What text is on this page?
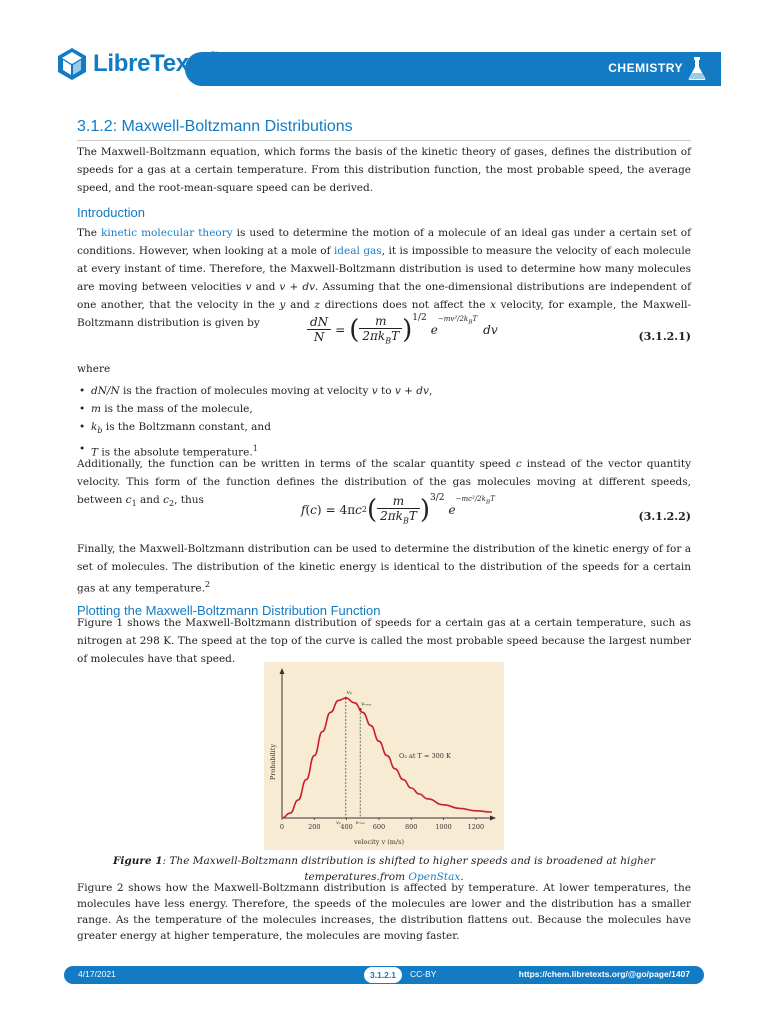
LibreTexts™
CHEMISTRY
3.1.2: Maxwell-Boltzmann Distributions

The Maxwell-Boltzmann equation, which forms the basis of the kinetic theory of gases, defines the distribution of speeds for a gas at a certain temperature. From this distribution function, the most probable speed, the average speed, and the root-mean-square speed can be derived.

Introduction

The kinetic molecular theory is used to determine the motion of a molecule of an ideal gas under a certain set of conditions. However, when looking at a mole of ideal gas, it is impossible to measure the velocity of each molecule at every instant of time. Therefore, the Maxwell-Boltzmann distribution is used to determine how many molecules are moving between velocities v and v + dv. Assuming that the one-dimensional distributions are independent of one another, that the velocity in the y and z directions does not affect the x velocity, for example, the Maxwell-Boltzmann distribution is given by	$\frac{dN}{N}$ = ( $\frac{m}{2\pi k_BT} )^{1/2}$
e
$^{-mv^2/2k_BT}$
dv	(3.1.2.1)

where

• dN/N is the fraction of molecules moving at velocity v to v + dv,
• m is the mass of the molecule,
• $k_b$ is the Boltzmann constant, and
• T is the absolute temperature.$^1$

Additionally, the function can be written in terms of the scalar quantity speed c instead of the vector quantity velocity. This form of the function defines the distribution of the gas molecules moving at different speeds, between $c_1$ and $c_2$, thus

f ( c ) = 4π c 2 ( $\frac{m}{2\pi k_BT} )^{3/2}$
e
$^{-mc^2/2k_BT}$
(3.1.2.2)

Finally, the Maxwell-Boltzmann distribution can be used to determine the distribution of the kinetic energy of for a set of molecules. The distribution of the kinetic energy is identical to the distribution of the speeds for a certain gas at any temperature.$^2$

Plotting the Maxwell-Boltzmann Distribution Function

Figure 1 shows the Maxwell-Boltzmann distribution of speeds for a certain gas at a certain temperature, such as nitrogen at 298 K. The speed at the top of the curve is called the most probable speed because the largest number of molecules have that speed.

0	200	400	600	800	1000 1200
vₚ
vᵣₘₛ
vₚ	vᵣₘₛ
Probability
velocity v (m/s)
O₂ at T = 300 K

Figure 1: The Maxwell-Boltzmann distribution is shifted to higher speeds and is broadened at higher temperatures.from OpenStax.

Figure 2 shows how the Maxwell-Boltzmann distribution is affected by temperature. At lower temperatures, the molecules have less energy. Therefore, the speeds of the molecules are lower and the distribution has a smaller range. As the temperature of the molecules increases, the distribution flattens out. Because the molecules have greater energy at higher temperature, the molecules are moving faster.

4/17/2021	3.1.2.1	CC-BY	https://chem.libretexts.org/@go/page/1407
